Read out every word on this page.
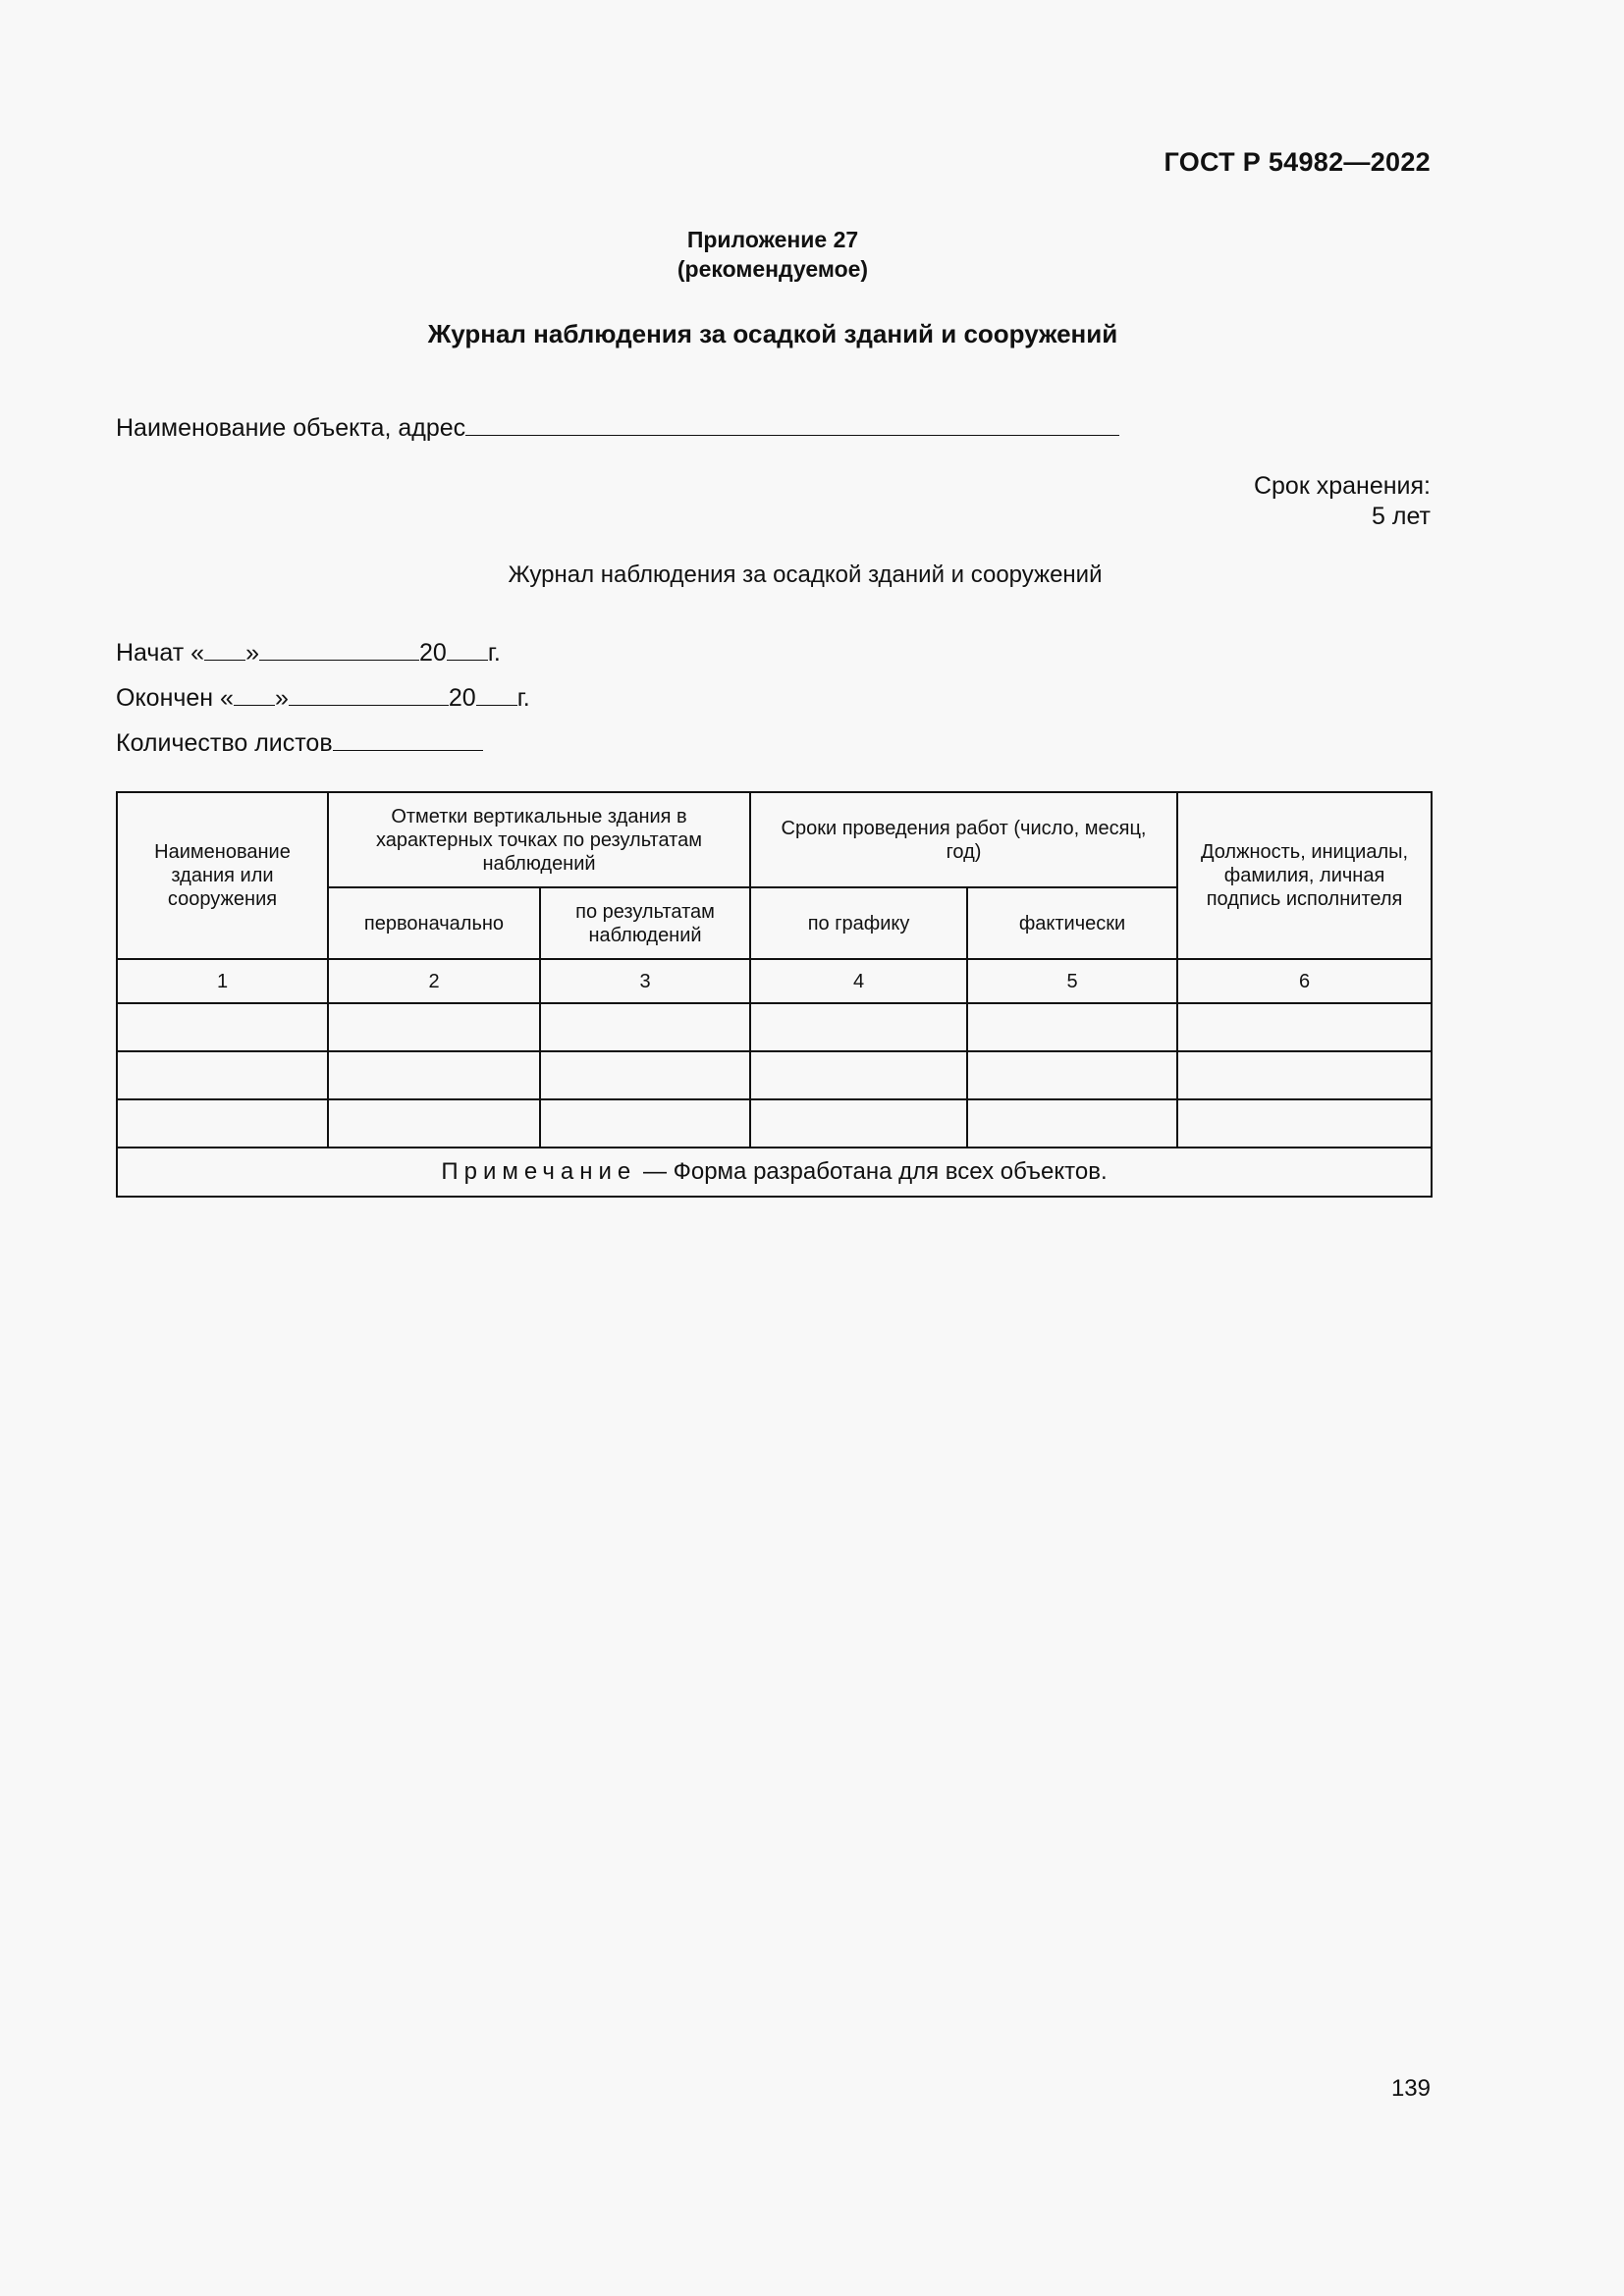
ГОСТ Р 54982—2022
Приложение 27
(рекомендуемое)
Журнал наблюдения за осадкой зданий и сооружений
Наименование объекта, адрес
Срок хранения:
5 лет
Журнал наблюдения за осадкой зданий и сооружений
Начат « »	20 г.
Окончен « »	20 г.
Количество листов
Наименование здания или сооружения	Отметки вертикальные здания в характерных точках по результатам наблюдений		Сроки проведения работ (число, месяц, год)		Должность, инициалы, фамилия, личная подпись исполнителя
	первоначально	по результатам наблюдений	по графику	фактически	
1	2	3	4	5	6

Примечание — Форма разработана для всех объектов.					
139
